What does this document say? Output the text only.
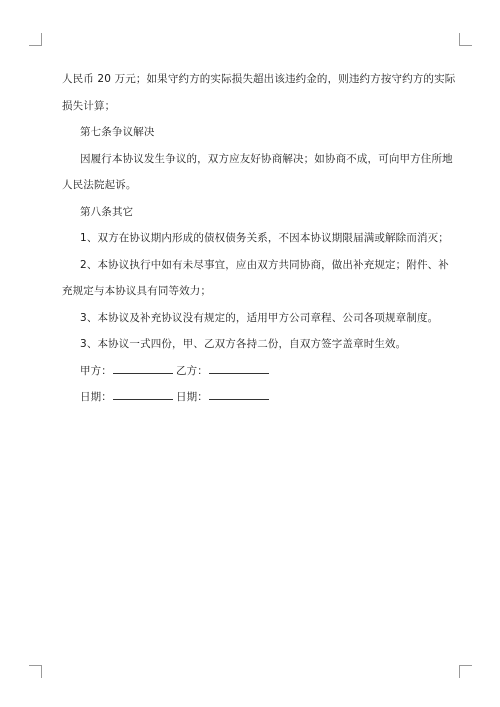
人民币 20 万元；如果守约方的实际损失超出该违约金的，则违约方按守约方的实际

损失计算；

第七条争议解决

因履行本协议发生争议的，双方应友好协商解决；如协商不成，可向甲方住所地

人民法院起诉。

第八条其它

1、双方在协议期内形成的债权债务关系，不因本协议期限届满或解除而消灭；

2、本协议执行中如有未尽事宜，应由双方共同协商，做出补充规定；附件、补

充规定与本协议具有同等效力；

3、本协议及补充协议没有规定的，适用甲方公司章程、公司各项规章制度。

3、本协议一式四份，甲、乙双方各持二份，自双方签字盖章时生效。

甲方：	乙方：

日期：	日期：
